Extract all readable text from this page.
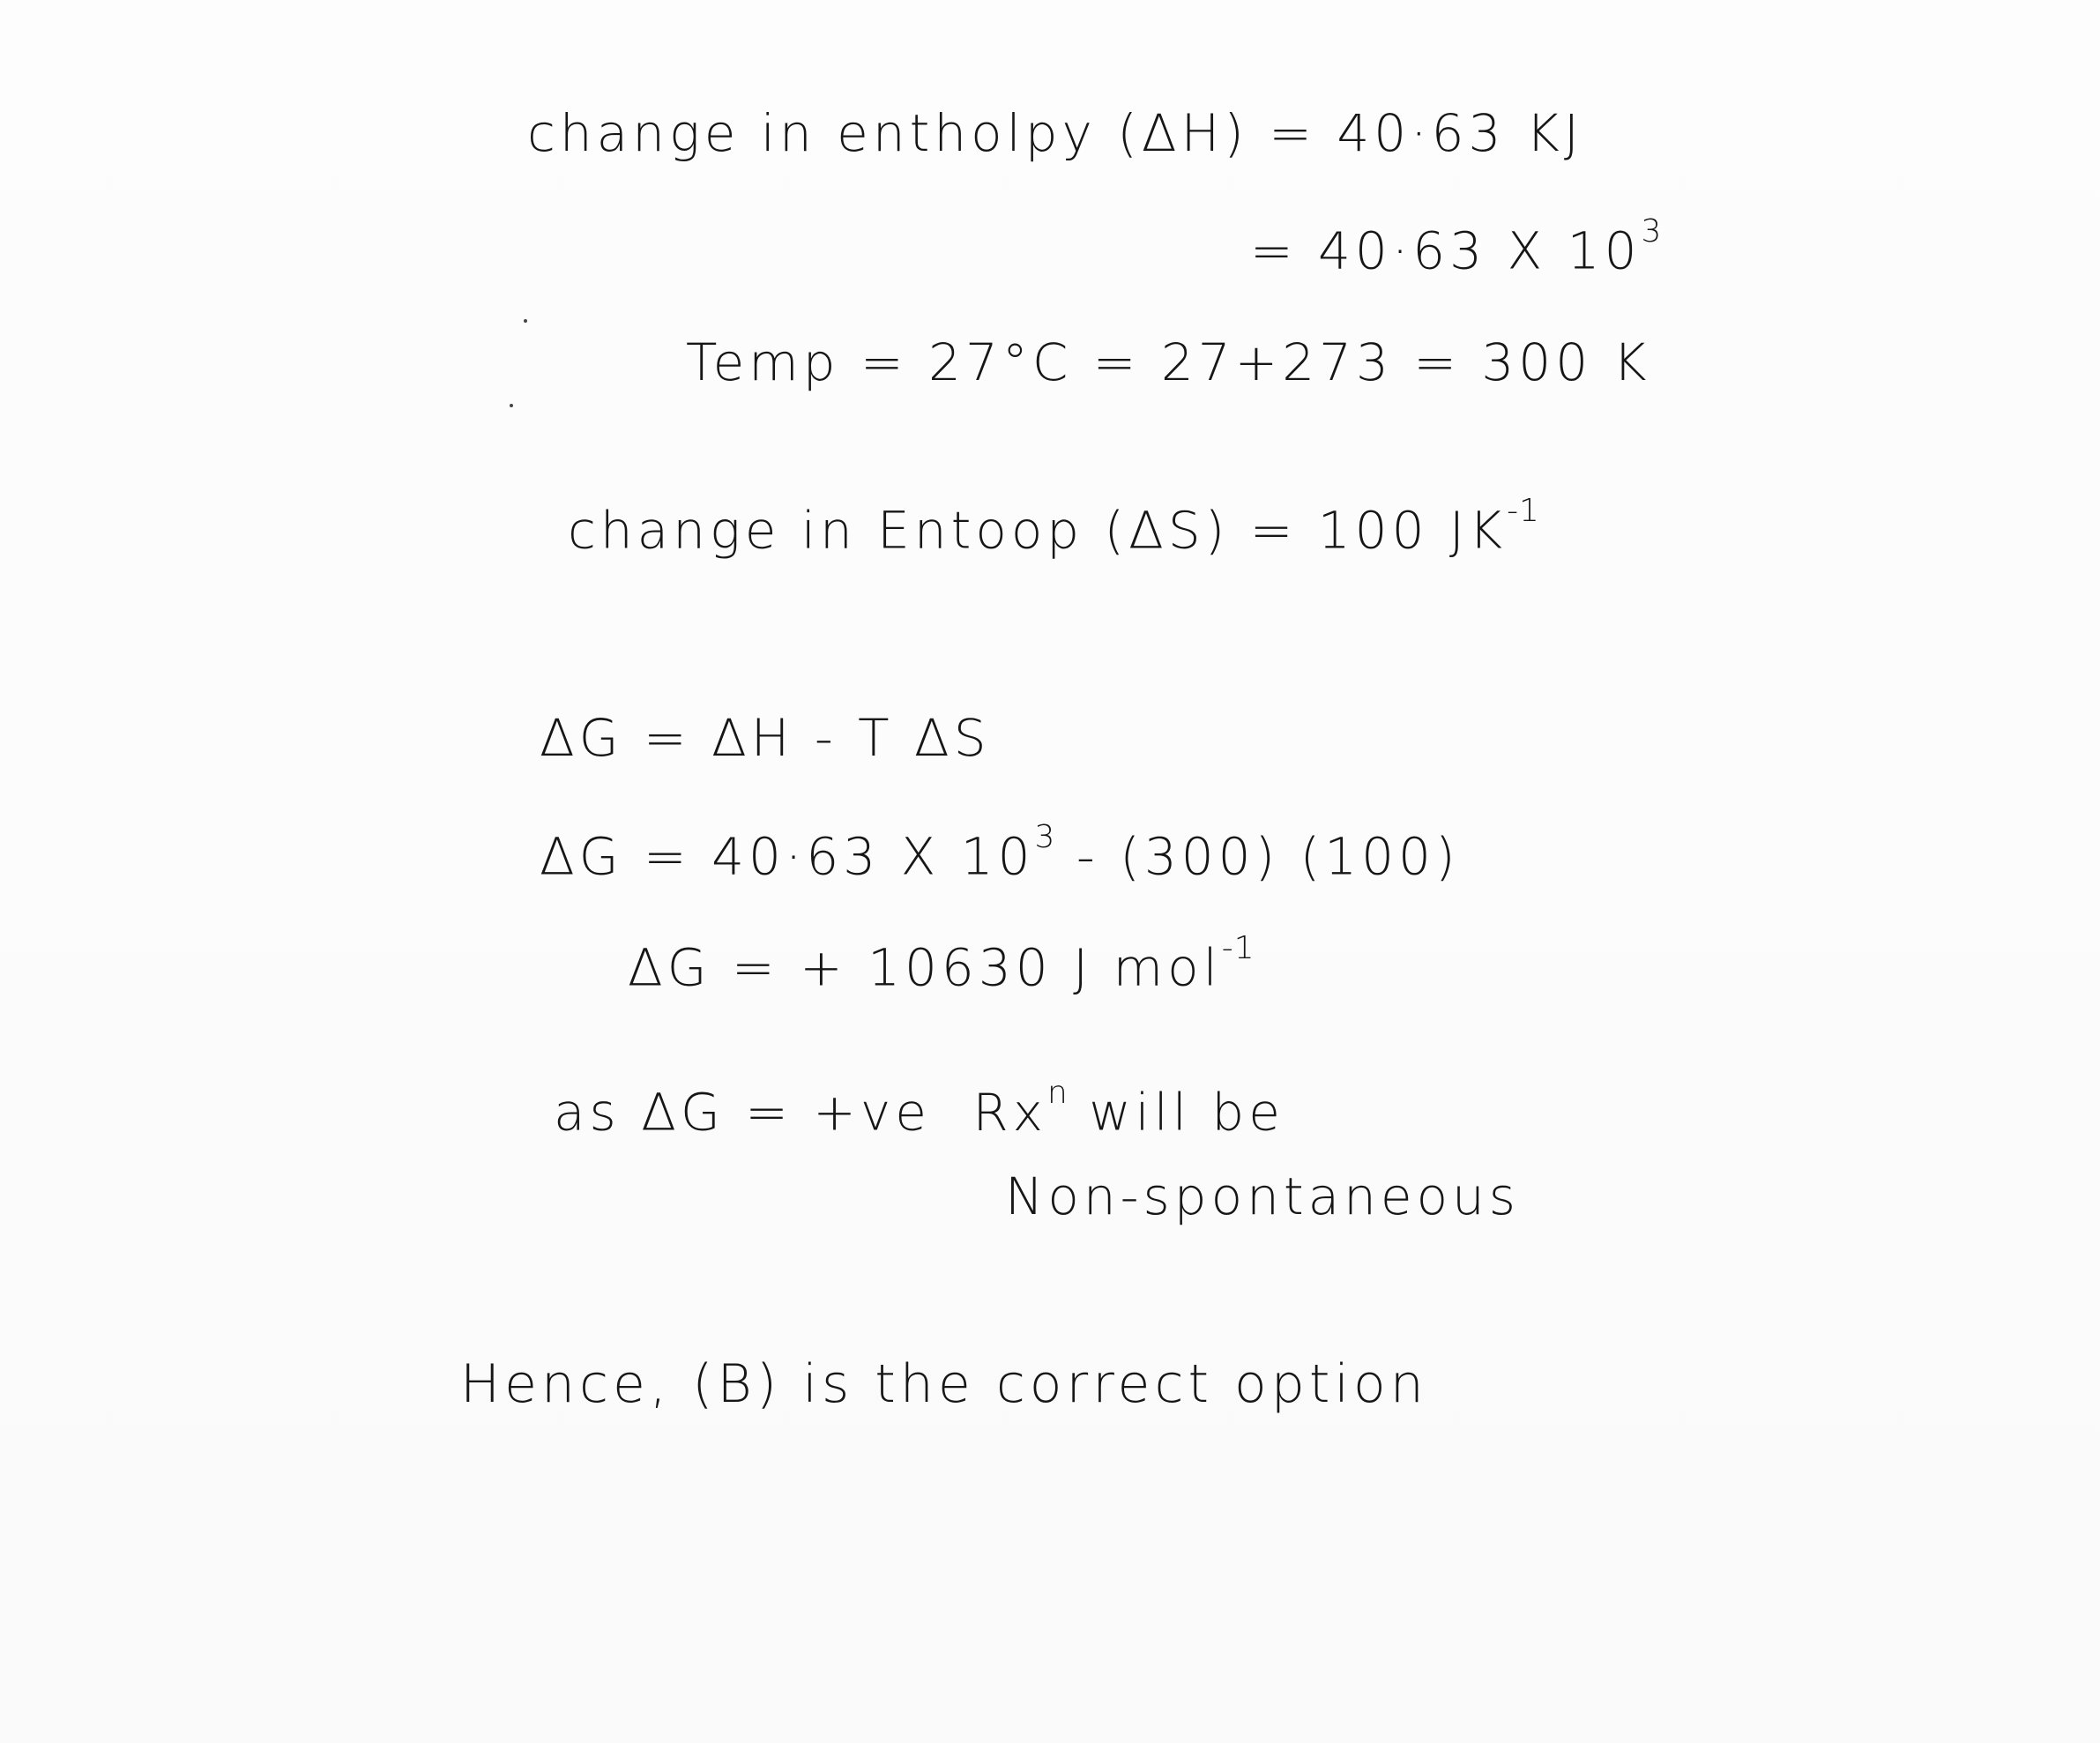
change in entholpy (ΔH) = 40·63 KJ
= 40·63 X $10^3$
Temp = 27°C = 27+273 = 300 K
change in Entoop (ΔS) = 100 $JK^{-1}$
ΔG = ΔH - T ΔS
ΔG = 40·63 X $10^3 - (300)$ (100)
ΔG = + 10630 J mol$^{-1}$
as ΔG = +ve Rx$^n$ will be
Non-spontaneous
Hence, (B) is the correct option
